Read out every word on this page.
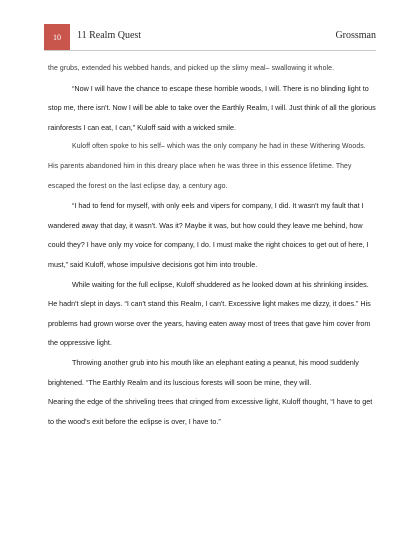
10	11 Realm Quest	Grossman

the grubs, extended his webbed hands, and picked up the slimy meal– swallowing it whole.

“Now I will have the chance to escape these horrible woods, I will. There is no blinding light to stop me, there isn't. Now I will be able to take over the Earthly Realm, I will. Just think of all the glorious rainforests I can eat, I can,” Kuloff said with a wicked smile.

Kuloff often spoke to his self– which was the only company he had in these Withering Woods. His parents abandoned him in this dreary place when he was three in this essence lifetime. They escaped the forest on the last eclipse day, a century ago.

“I had to fend for myself, with only eels and vipers for company, I did. It wasn't my fault that I wandered away that day, it wasn't. Was it? Maybe it was, but how could they leave me behind, how could they? I have only my voice for company, I do. I must make the right choices to get out of here, I must,” said Kuloff, whose impulsive decisions got him into trouble.

While waiting for the full eclipse, Kuloff shuddered as he looked down at his shrinking insides. He hadn't slept in days. “I can't stand this Realm, I can't. Excessive light makes me dizzy, it does.” His problems had grown worse over the years, having eaten away most of trees that gave him cover from the oppressive light.

Throwing another grub into his mouth like an elephant eating a peanut, his mood suddenly brightened. “The Earthly Realm and its luscious forests will soon be mine, they will.

Nearing the edge of the shriveling trees that cringed from excessive light, Kuloff thought, “I have to get to the wood's exit before the eclipse is over, I have to.”
